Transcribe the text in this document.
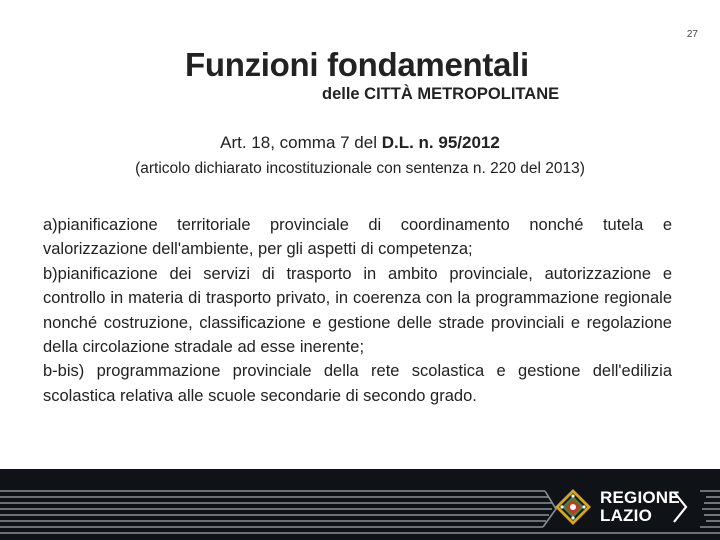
27
Funzioni fondamentali
delle CITTÀ METROPOLITANE
Art. 18, comma 7 del D.L. n. 95/2012
(articolo dichiarato incostituzionale con sentenza n. 220 del 2013)

a)pianificazione territoriale provinciale di coordinamento nonché tutela e valorizzazione dell'ambiente, per gli aspetti di competenza;

b)pianificazione dei servizi di trasporto in ambito provinciale, autorizzazione e controllo in materia di trasporto privato, in coerenza con la programmazione regionale nonché costruzione, classificazione e gestione delle strade provinciali e regolazione della circolazione stradale ad esse inerente;

b-bis) programmazione provinciale della rete scolastica e gestione dell'edilizia scolastica relativa alle scuole secondarie di secondo grado.

REGIONE
LAZIO
